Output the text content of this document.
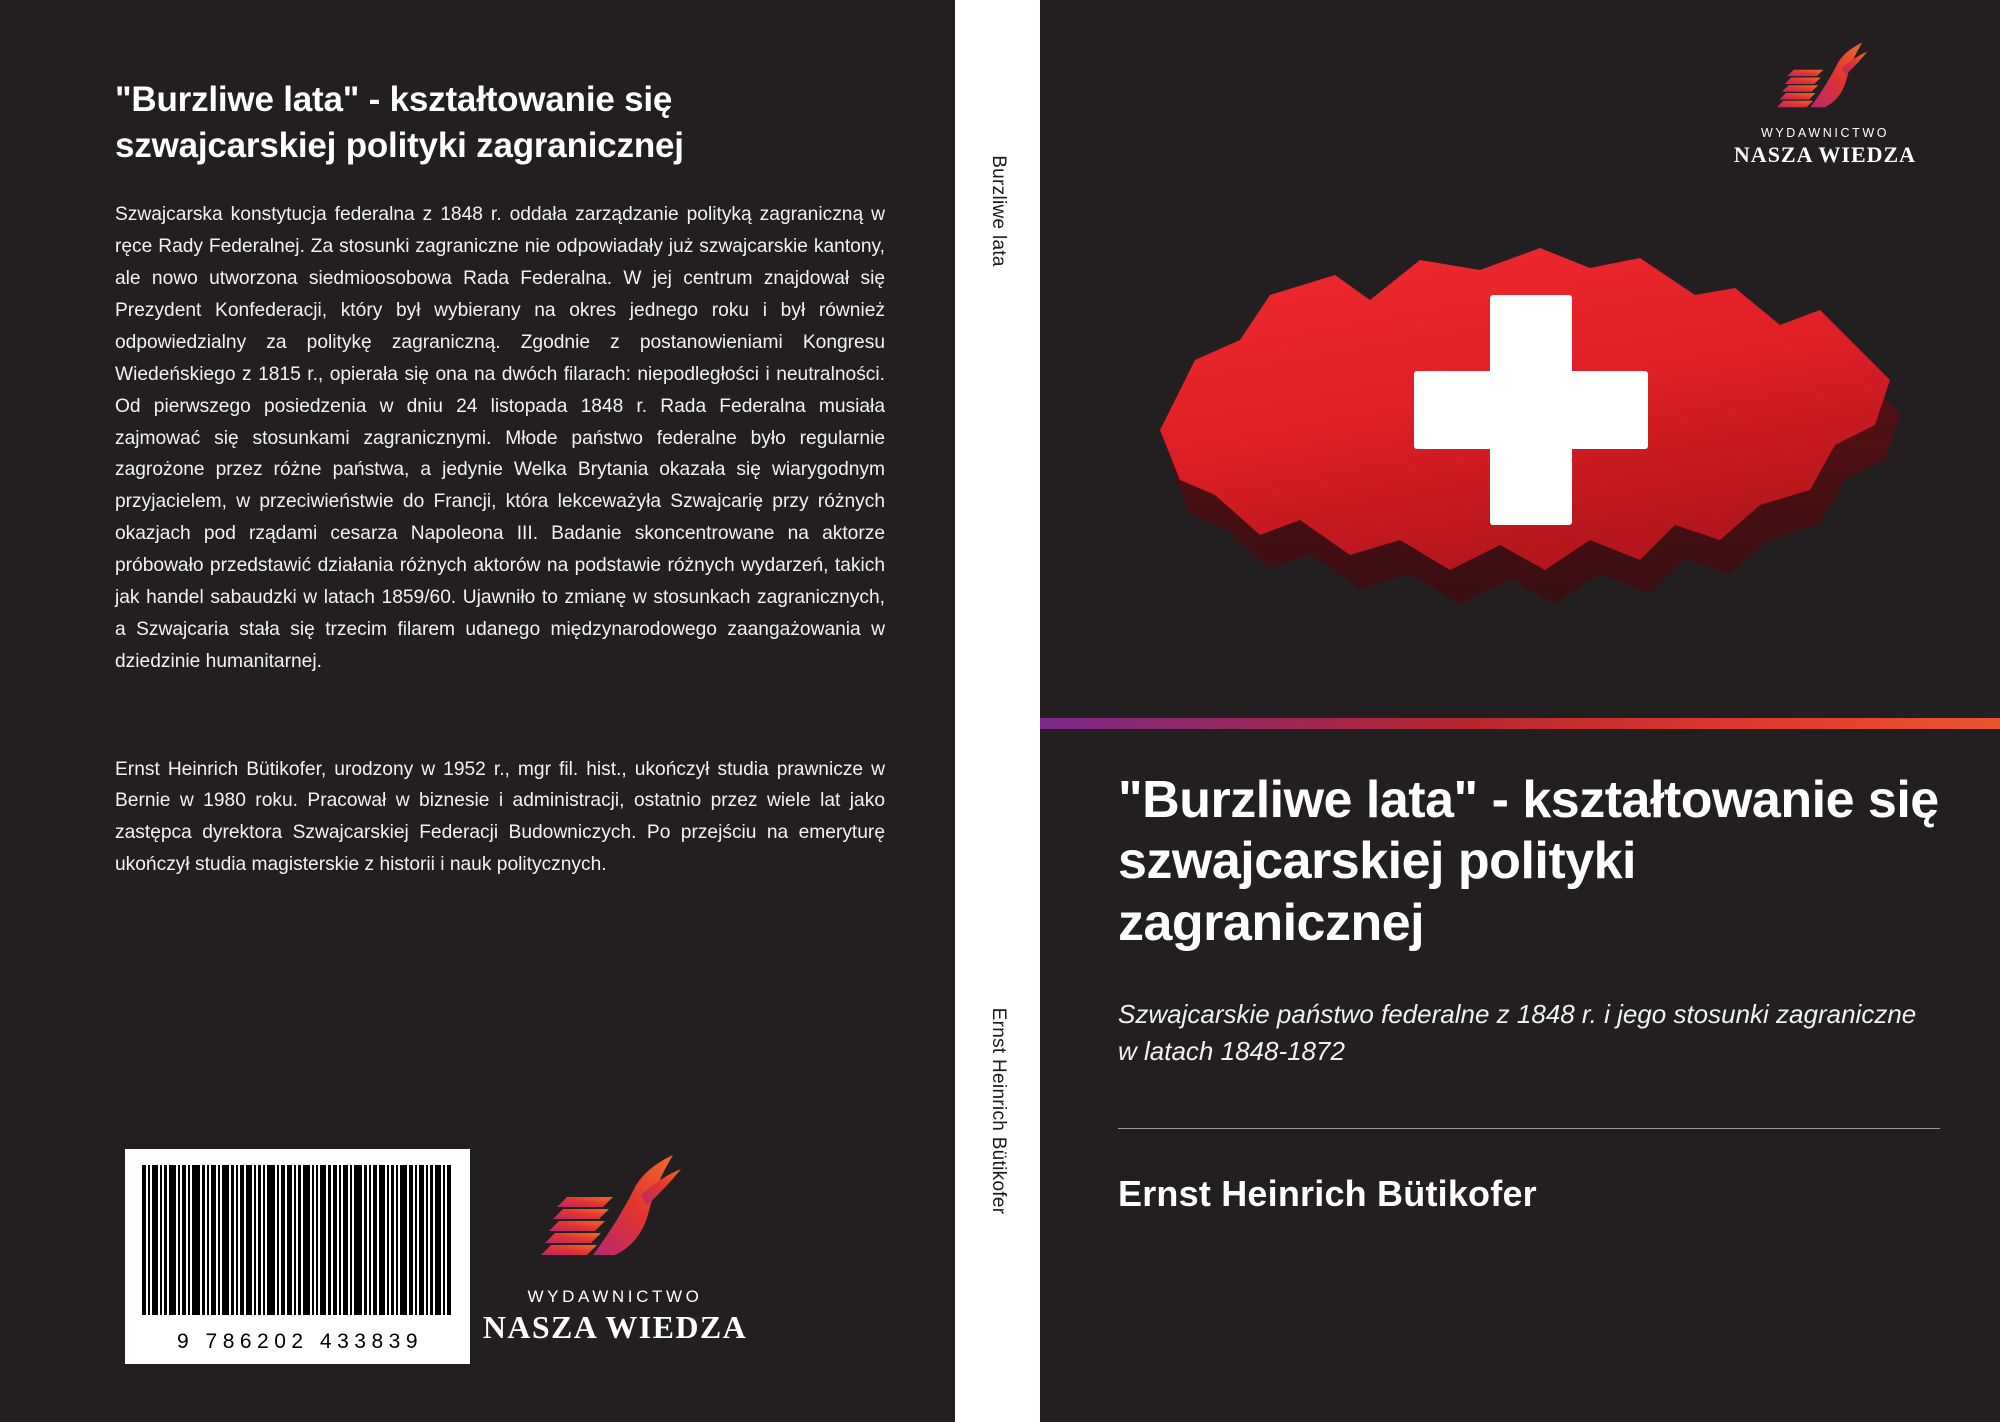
"Burzliwe lata" - kształtowanie się szwajcarskiej polityki zagranicznej

Szwajcarska konstytucja federalna z 1848 r. oddała zarządzanie polityką zagraniczną w ręce Rady Federalnej. Za stosunki zagraniczne nie odpowiadały już szwajcarskie kantony, ale nowo utworzona siedmioosobowa Rada Federalna. W jej centrum znajdował się Prezydent Konfederacji, który był wybierany na okres jednego roku i był również odpowiedzialny za politykę zagraniczną. Zgodnie z postanowieniami Kongresu Wiedeńskiego z 1815 r., opierała się ona na dwóch filarach: niepodległości i neutralności. Od pierwszego posiedzenia w dniu 24 listopada 1848 r. Rada Federalna musiała zajmować się stosunkami zagranicznymi. Młode państwo federalne było regularnie zagrożone przez różne państwa, a jedynie Welka Brytania okazała się wiarygodnym przyjacielem, w przeciwieństwie do Francji, która lekceważyła Szwajcarię przy różnych okazjach pod rządami cesarza Napoleona III. Badanie skoncentrowane na aktorze próbowało przedstawić działania różnych aktorów na podstawie różnych wydarzeń, takich jak handel sabaudzki w latach 1859/60. Ujawniło to zmianę w stosunkach zagranicznych, a Szwajcaria stała się trzecim filarem udanego międzynarodowego zaangażowania w dziedzinie humanitarnej.

Ernst Heinrich Bütikofer, urodzony w 1952 r., mgr fil. hist., ukończył studia prawnicze w Bernie w 1980 roku. Pracował w biznesie i administracji, ostatnio przez wiele lat jako zastępca dyrektora Szwajcarskiej Federacji Budowniczych. Po przejściu na emeryturę ukończył studia magisterskie z historii i nauk politycznych.

9 786202 433839
WYDAWNICTWO
NASZA WIEDZA
Burzliwe lata
Ernst Heinrich Bütikofer
WYDAWNICTWO
NASZA WIEDZA
"Burzliwe lata" - kształtowanie się szwajcarskiej polityki zagranicznej
Szwajcarskie państwo federalne z 1848 r. i jego stosunki zagraniczne w latach 1848-1872
Ernst Heinrich Bütikofer
